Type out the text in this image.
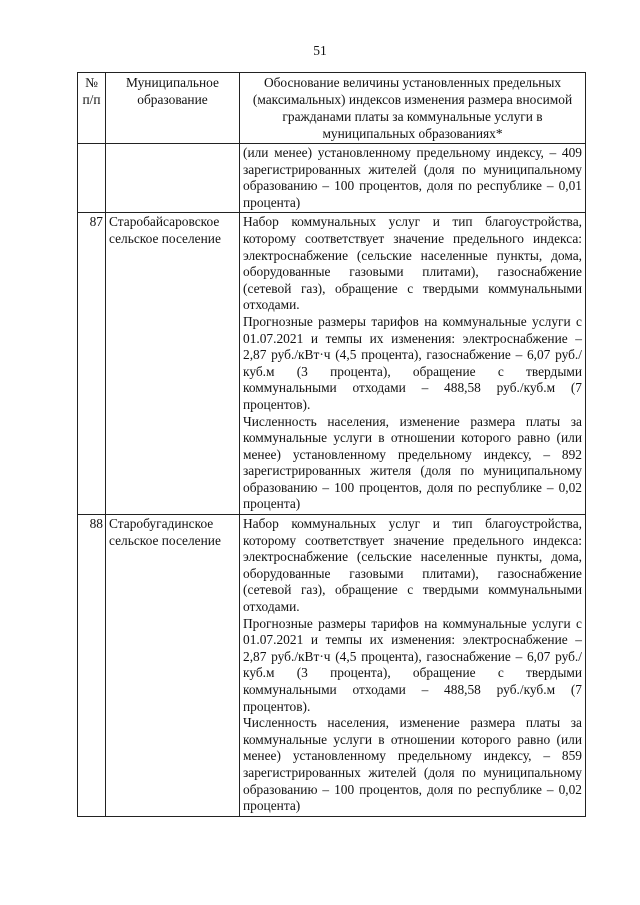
51
№ п/п	Муниципальное образование	Обоснование величины установленных предельных (максимальных) индексов изменения размера вносимой гражданами платы за коммунальные услуги в муниципальных образованиях*

		(или менее) установленному предельному индексу, – 409 зарегистрированных жителей (доля по муниципальному образованию – 100 процентов, доля по республике – 0,01 процента)

87	Старобайсаровское сельское поселение	Набор коммунальных услуг и тип благоустройства, которому соответствует значение предельного индекса: электроснабжение (сельские населенные пункты, дома, оборудованные газовыми плитами), газоснабжение (сетевой газ), обращение с твердыми коммунальными отходами.

Прогнозные размеры тарифов на коммунальные услуги с 01.07.2021 и темпы их изменения: электроснабжение – 2,87 руб./кВт·ч (4,5 процента), газоснабжение – 6,07 руб./куб.м (3 процента), обращение с твердыми коммунальными отходами – 488,58 руб./куб.м (7 процентов).

Численность населения, изменение размера платы за коммунальные услуги в отношении которого равно (или менее) установленному предельному индексу, – 892 зарегистрированных жителя (доля по муниципальному образованию – 100 процентов, доля по республике – 0,02 процента)

88	Старобугадинское сельское поселение	Набор коммунальных услуг и тип благоустройства, которому соответствует значение предельного индекса: электроснабжение (сельские населенные пункты, дома, оборудованные газовыми плитами), газоснабжение (сетевой газ), обращение с твердыми коммунальными отходами.

Прогнозные размеры тарифов на коммунальные услуги с 01.07.2021 и темпы их изменения: электроснабжение – 2,87 руб./кВт·ч (4,5 процента), газоснабжение – 6,07 руб./куб.м (3 процента), обращение с твердыми коммунальными отходами – 488,58 руб./куб.м (7 процентов).

Численность населения, изменение размера платы за коммунальные услуги в отношении которого равно (или менее) установленному предельному индексу, – 859 зарегистрированных жителей (доля по муниципальному образованию – 100 процентов, доля по республике – 0,02 процента)
